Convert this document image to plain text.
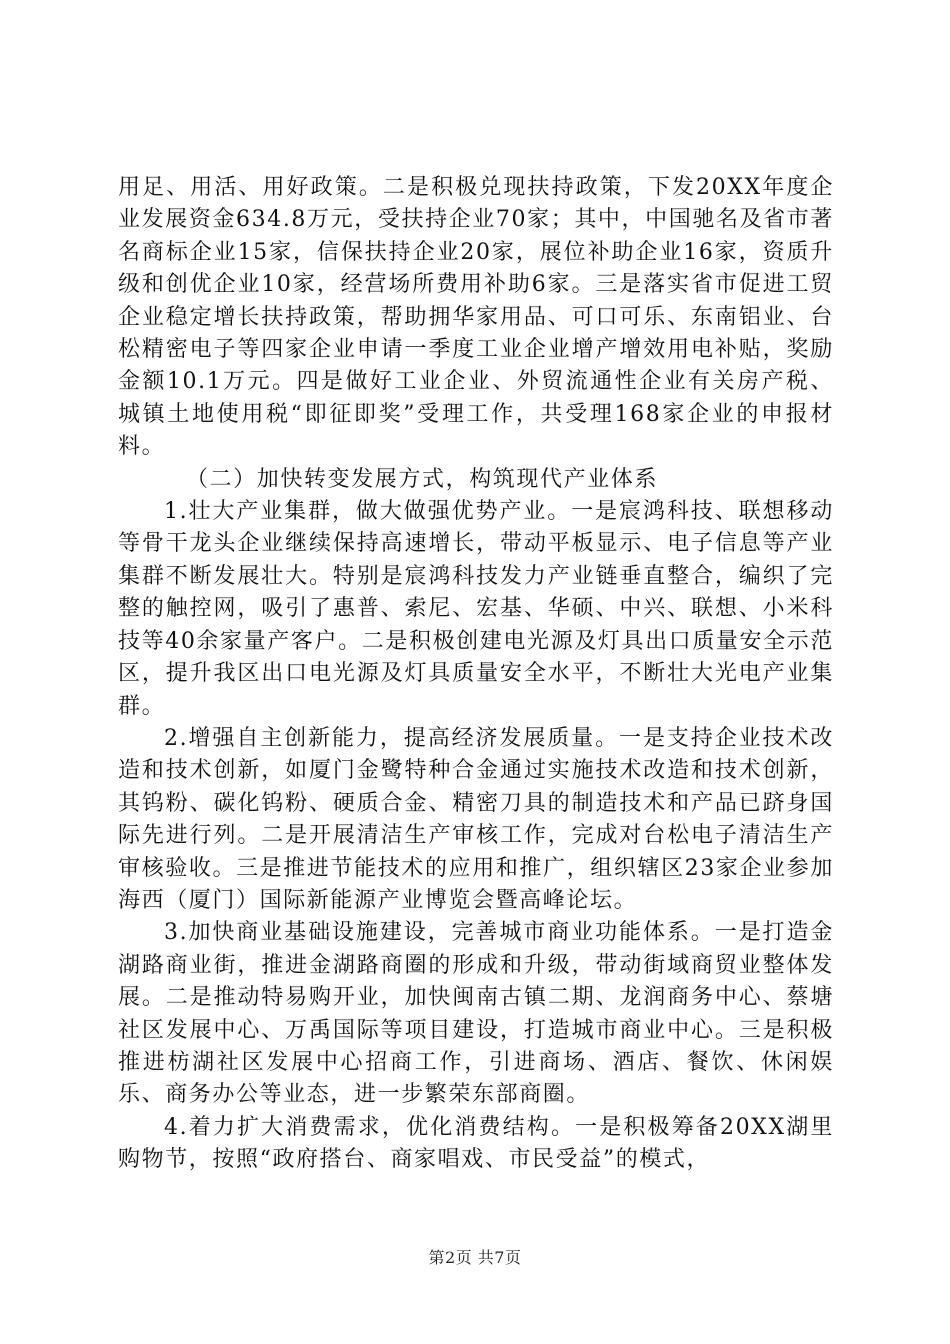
用足、用活、用好政策。二是积极兑现扶持政策，下发20XX年度企业发展资金634.8万元，受扶持企业70家；其中，中国驰名及省市著名商标企业15家，信保扶持企业20家，展位补助企业16家，资质升级和创优企业10家，经营场所费用补助6家。三是落实省市促进工贸企业稳定增长扶持政策，帮助拥华家用品、可口可乐、东南铝业、台松精密电子等四家企业申请一季度工业企业增产增效用电补贴，奖励金额10.1万元。四是做好工业企业、外贸流通性企业有关房产税、城镇土地使用税“即征即奖”受理工作，共受理168家企业的申报材料。

（二）加快转变发展方式，构筑现代产业体系

1.壮大产业集群，做大做强优势产业。一是宸鸿科技、联想移动等骨干龙头企业继续保持高速增长，带动平板显示、电子信息等产业集群不断发展壮大。特别是宸鸿科技发力产业链垂直整合，编织了完整的触控网，吸引了惠普、索尼、宏基、华硕、中兴、联想、小米科技等40余家量产客户。二是积极创建电光源及灯具出口质量安全示范区，提升我区出口电光源及灯具质量安全水平，不断壮大光电产业集群。

2.增强自主创新能力，提高经济发展质量。一是支持企业技术改造和技术创新，如厦门金鹭特种合金通过实施技术改造和技术创新，其钨粉、碳化钨粉、硬质合金、精密刀具的制造技术和产品已跻身国际先进行列。二是开展清洁生产审核工作，完成对台松电子清洁生产审核验收。三是推进节能技术的应用和推广，组织辖区23家企业参加海西（厦门）国际新能源产业博览会暨高峰论坛。

3.加快商业基础设施建设，完善城市商业功能体系。一是打造金湖路商业街，推进金湖路商圈的形成和升级，带动街域商贸业整体发展。二是推动特易购开业，加快闽南古镇二期、龙润商务中心、蔡塘社区发展中心、万禹国际等项目建设，打造城市商业中心。三是积极推进枋湖社区发展中心招商工作，引进商场、酒店、餐饮、休闲娱乐、商务办公等业态，进一步繁荣东部商圈。

4.着力扩大消费需求，优化消费结构。一是积极筹备20XX湖里购物节，按照“政府搭台、商家唱戏、市民受益”的模式，

第2页 共7页
